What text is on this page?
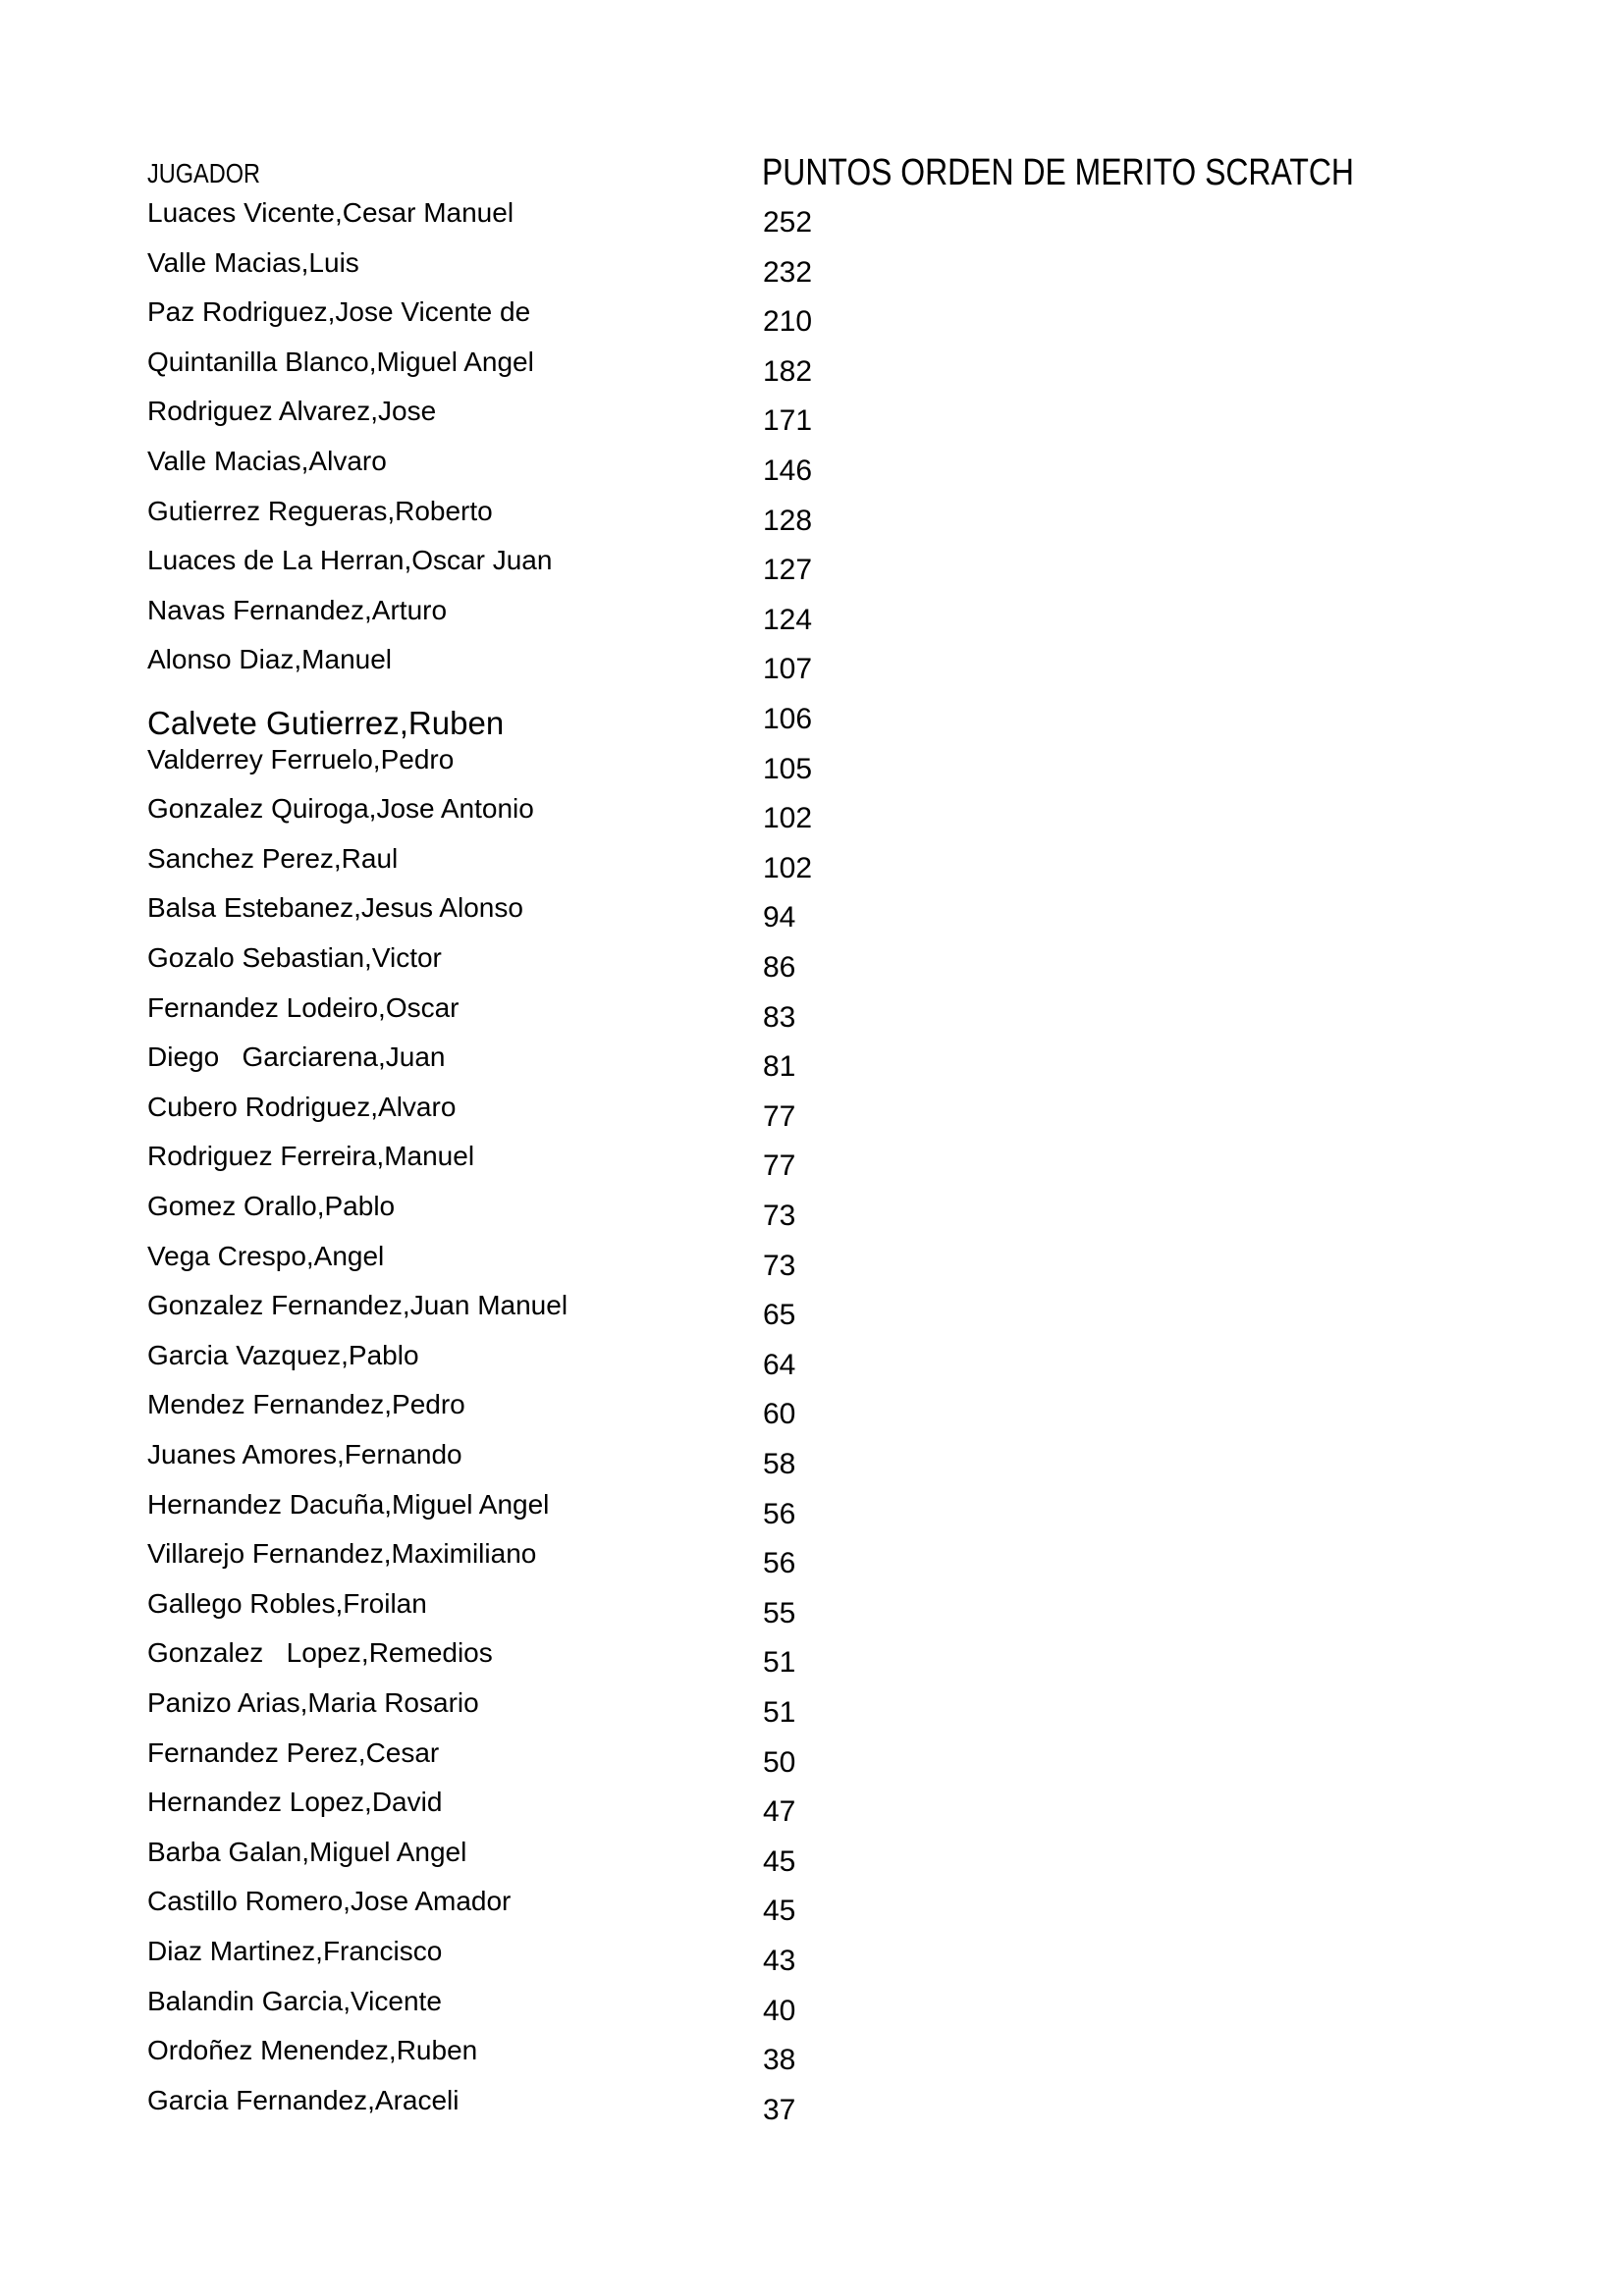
JUGADOR	PUNTOS ORDEN DE MERITO SCRATCH
Luaces Vicente,Cesar Manuel	252
Valle Macias,Luis	232
Paz Rodriguez,Jose Vicente de	210
Quintanilla Blanco,Miguel Angel	182
Rodriguez Alvarez,Jose	171
Valle Macias,Alvaro	146
Gutierrez Regueras,Roberto	128
Luaces de La Herran,Oscar Juan	127
Navas Fernandez,Arturo	124
Alonso Diaz,Manuel	107
Calvete Gutierrez,Ruben	106
Valderrey Ferruelo,Pedro	105
Gonzalez Quiroga,Jose Antonio	102
Sanchez Perez,Raul	102
Balsa Estebanez,Jesus Alonso	94
Gozalo Sebastian,Victor	86
Fernandez Lodeiro,Oscar	83
Diego   Garciarena,Juan	81
Cubero Rodriguez,Alvaro	77
Rodriguez Ferreira,Manuel	77
Gomez Orallo,Pablo	73
Vega Crespo,Angel	73
Gonzalez Fernandez,Juan Manuel	65
Garcia Vazquez,Pablo	64
Mendez Fernandez,Pedro	60
Juanes Amores,Fernando	58
Hernandez Dacuña,Miguel Angel	56
Villarejo Fernandez,Maximiliano	56
Gallego Robles,Froilan	55
Gonzalez   Lopez,Remedios	51
Panizo Arias,Maria Rosario	51
Fernandez Perez,Cesar	50
Hernandez Lopez,David	47
Barba Galan,Miguel Angel	45
Castillo Romero,Jose Amador	45
Diaz Martinez,Francisco	43
Balandin Garcia,Vicente	40
Ordoñez Menendez,Ruben	38
Garcia Fernandez,Araceli	37
